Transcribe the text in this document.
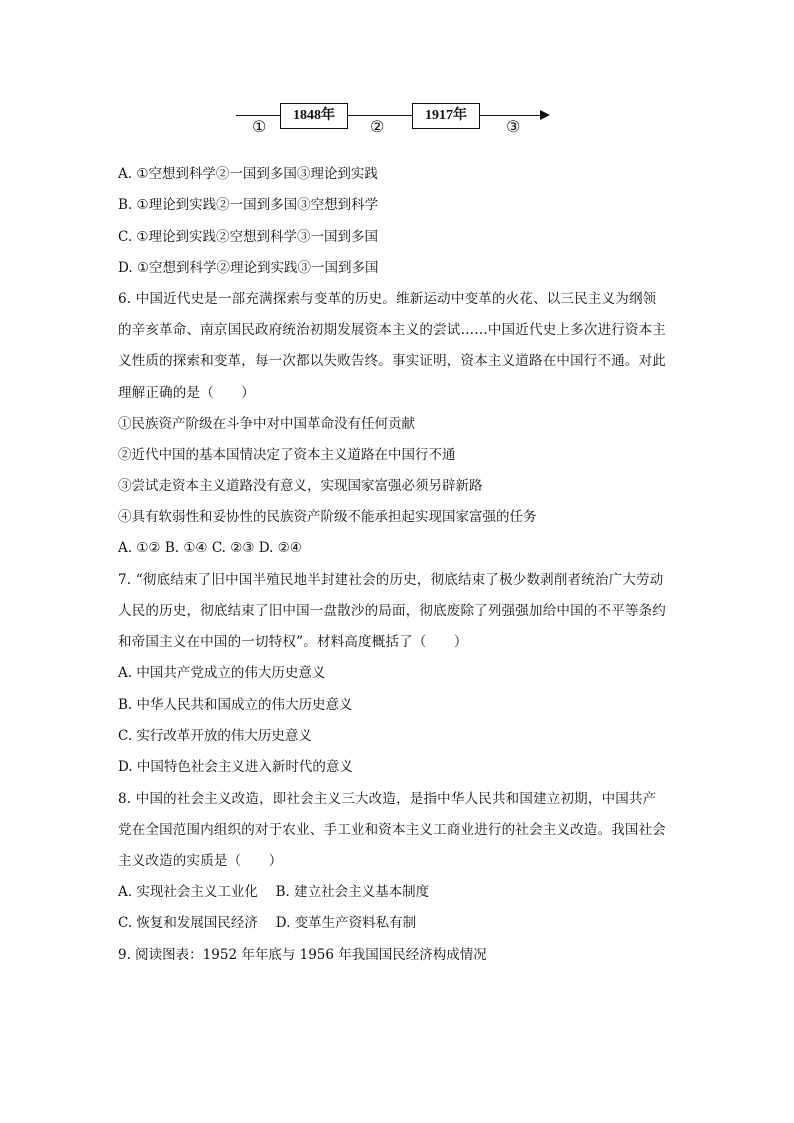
①
1848年
②
1917年
③
A. ①空想到科学②一国到多国③理论到实践
B. ①理论到实践②一国到多国③空想到科学
C. ①理论到实践②空想到科学③一国到多国
D. ①空想到科学②理论到实践③一国到多国
6. 中国近代史是一部充满探索与变革的历史。维新运动中变革的火花、以三民主义为纲领
的辛亥革命、南京国民政府统治初期发展资本主义的尝试……中国近代史上多次进行资本主
义性质的探索和变革，每一次都以失败告终。事实证明，资本主义道路在中国行不通。对此
理解正确的是（　　）
①民族资产阶级在斗争中对中国革命没有任何贡献
②近代中国的基本国情决定了资本主义道路在中国行不通
③尝试走资本主义道路没有意义，实现国家富强必须另辟新路
④具有软弱性和妥协性的民族资产阶级不能承担起实现国家富强的任务
A. ①② B. ①④ C. ②③ D. ②④
7. “彻底结束了旧中国半殖民地半封建社会的历史，彻底结束了极少数剥削者统治广大劳动
人民的历史，彻底结束了旧中国一盘散沙的局面，彻底废除了列强强加给中国的不平等条约
和帝国主义在中国的一切特权”。材料高度概括了（　　）
A. 中国共产党成立的伟大历史意义
B. 中华人民共和国成立的伟大历史意义
C. 实行改革开放的伟大历史意义
D. 中国特色社会主义进入新时代的意义
8. 中国的社会主义改造，即社会主义三大改造，是指中华人民共和国建立初期，中国共产
党在全国范围内组织的对于农业、手工业和资本主义工商业进行的社会主义改造。我国社会
主义改造的实质是（　　）
A. 实现社会主义工业化　 B. 建立社会主义基本制度
C. 恢复和发展国民经济　 D. 变革生产资料私有制
9. 阅读图表：1952 年年底与 1956 年我国国民经济构成情况
